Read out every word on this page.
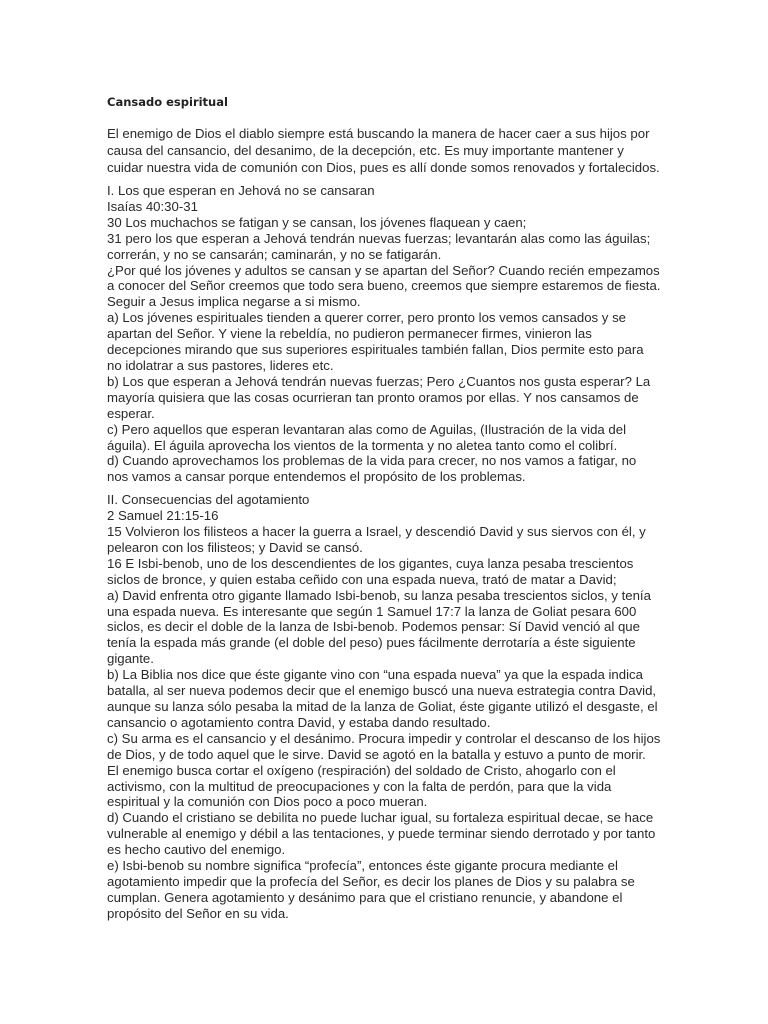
Cansado espiritual
El enemigo de Dios el diablo siempre está buscando la manera de hacer caer a sus hijos por
causa del cansancio, del desanimo, de la decepción, etc. Es muy importante mantener y
cuidar nuestra vida de comunión con Dios, pues es allí donde somos renovados y fortalecidos.
I. Los que esperan en Jehová no se cansaran
Isaías 40:30-31
30 Los muchachos se fatigan y se cansan, los jóvenes flaquean y caen;
31 pero los que esperan a Jehová tendrán nuevas fuerzas; levantarán alas como las águilas;
correrán, y no se cansarán; caminarán, y no se fatigarán.
¿Por qué los jóvenes y adultos se cansan y se apartan del Señor? Cuando recién empezamos
a conocer del Señor creemos que todo sera bueno, creemos que siempre estaremos de fiesta.
Seguir a Jesus implica negarse a si mismo.
a) Los jóvenes espirituales tienden a querer correr, pero pronto los vemos cansados y se
apartan del Señor. Y viene la rebeldía, no pudieron permanecer firmes, vinieron las
decepciones mirando que sus superiores espirituales también fallan, Dios permite esto para
no idolatrar a sus pastores, lideres etc.
b) Los que esperan a Jehová tendrán nuevas fuerzas; Pero ¿Cuantos nos gusta esperar? La
mayoría quisiera que las cosas ocurrieran tan pronto oramos por ellas. Y nos cansamos de
esperar.
c) Pero aquellos que esperan levantaran alas como de Aguilas, (Ilustración de la vida del
águila). El águila aprovecha los vientos de la tormenta y no aletea tanto como el colibrí.
d) Cuando aprovechamos los problemas de la vida para crecer, no nos vamos a fatigar, no
nos vamos a cansar porque entendemos el propósito de los problemas.
II. Consecuencias del agotamiento
2 Samuel 21:15-16
15 Volvieron los filisteos a hacer la guerra a Israel, y descendió David y sus siervos con él, y
pelearon con los filisteos; y David se cansó.
16 E Isbi-benob, uno de los descendientes de los gigantes, cuya lanza pesaba trescientos
siclos de bronce, y quien estaba ceñido con una espada nueva, trató de matar a David;
a) David enfrenta otro gigante llamado Isbi-benob, su lanza pesaba trescientos siclos, y tenía
una espada nueva. Es interesante que según 1 Samuel 17:7 la lanza de Goliat pesara 600
siclos, es decir el doble de la lanza de Isbi-benob. Podemos pensar: Sí David venció al que
tenía la espada más grande (el doble del peso) pues fácilmente derrotaría a éste siguiente
gigante.
b) La Biblia nos dice que éste gigante vino con “una espada nueva” ya que la espada indica
batalla, al ser nueva podemos decir que el enemigo buscó una nueva estrategia contra David,
aunque su lanza sólo pesaba la mitad de la lanza de Goliat, éste gigante utilizó el desgaste, el
cansancio o agotamiento contra David, y estaba dando resultado.
c) Su arma es el cansancio y el desánimo. Procura impedir y controlar el descanso de los hijos
de Dios, y de todo aquel que le sirve. David se agotó en la batalla y estuvo a punto de morir.
El enemigo busca cortar el oxígeno (respiración) del soldado de Cristo, ahogarlo con el
activismo, con la multitud de preocupaciones y con la falta de perdón, para que la vida
espiritual y la comunión con Dios poco a poco mueran.
d) Cuando el cristiano se debilita no puede luchar igual, su fortaleza espiritual decae, se hace
vulnerable al enemigo y débil a las tentaciones, y puede terminar siendo derrotado y por tanto
es hecho cautivo del enemigo.
e) Isbi-benob su nombre significa “profecía”, entonces éste gigante procura mediante el
agotamiento impedir que la profecía del Señor, es decir los planes de Dios y su palabra se
cumplan. Genera agotamiento y desánimo para que el cristiano renuncie, y abandone el
propósito del Señor en su vida.
